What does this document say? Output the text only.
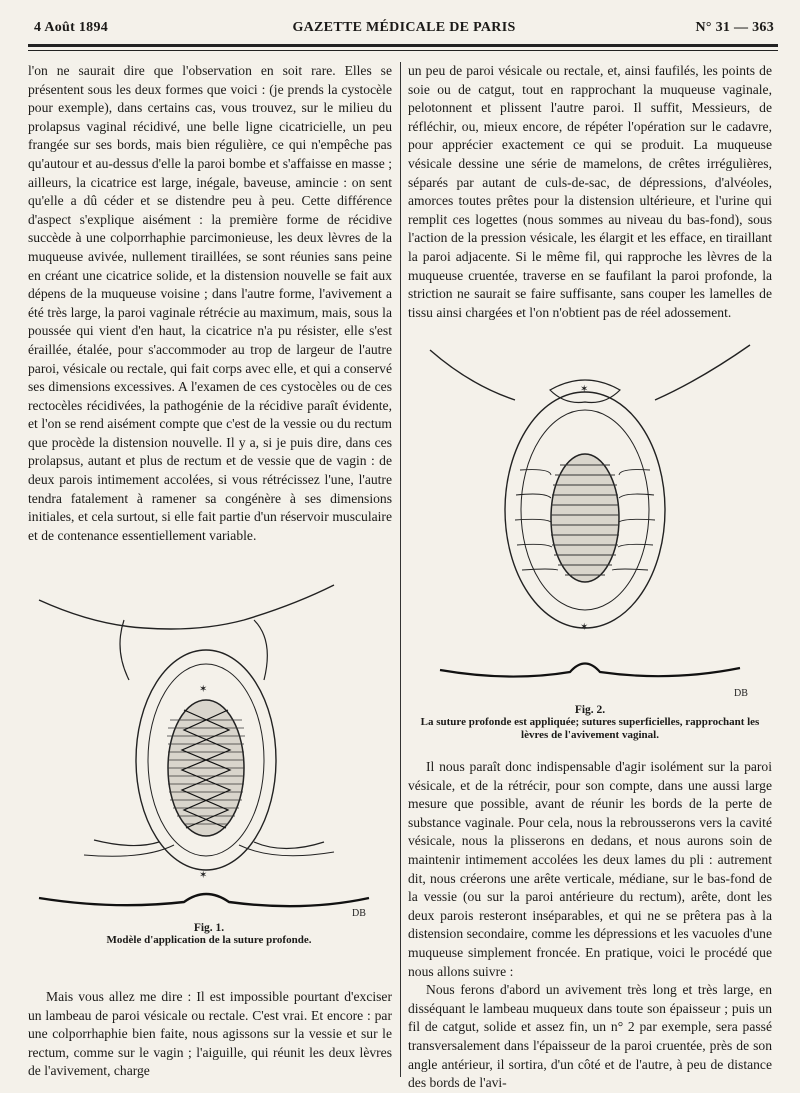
4 Août 1894	GAZETTE MÉDICALE DE PARIS	N° 31 — 363

l'on ne saurait dire que l'observation en soit rare. Elles se présentent sous les deux formes que voici : (je prends la cystocèle pour exemple), dans certains cas, vous trouvez, sur le milieu du prolapsus vaginal récidivé, une belle ligne cicatricielle, un peu frangée sur ses bords, mais bien régulière, ce qui n'empêche pas qu'autour et au-dessus d'elle la paroi bombe et s'affaisse en masse ; ailleurs, la cicatrice est large, inégale, baveuse, amincie : on sent qu'elle a dû céder et se distendre peu à peu. Cette différence d'aspect s'explique aisément : la première forme de récidive succède à une colporrhaphie parcimonieuse, les deux lèvres de la muqueuse avivée, nullement tiraillées, se sont réunies sans peine en créant une cicatrice solide, et la distension nouvelle se fait aux dépens de la muqueuse voisine ; dans l'autre forme, l'avivement a été très large, la paroi vaginale rétrécie au maximum, mais, sous la poussée qui vient d'en haut, la cicatrice n'a pu résister, elle s'est éraillée, étalée, pour s'accommoder au trop de largeur de l'autre paroi, vésicale ou rectale, qui fait corps avec elle, et qui a conservé ses dimensions excessives. A l'examen de ces cystocèles ou de ces rectocèles récidivées, la pathogénie de la récidive paraît évidente, et l'on se rend aisément compte que c'est de la vessie ou du rectum que procède la distension nouvelle. Il y a, si je puis dire, dans ces prolapsus, autant et plus de rectum et de vessie que de vagin : de deux parois intimement accolées, si vous rétrécissez l'une, l'autre tendra fatalement à ramener sa congénère à ses dimensions initiales, et cela surtout, si elle fait partie d'un réservoir musculaire et de contenance essentiellement variable.

✶
✶
DB
Fig. 1.
Modèle d'application de la suture profonde.

Mais vous allez me dire : Il est impossible pourtant d'exciser un lambeau de paroi vésicale ou rectale. C'est vrai. Et encore : par une colporrhaphie bien faite, nous agissons sur la vessie et sur le rectum, comme sur le vagin ; l'aiguille, qui réunit les deux lèvres de l'avivement, charge

un peu de paroi vésicale ou rectale, et, ainsi faufilés, les points de soie ou de catgut, tout en rapprochant la muqueuse vaginale, pelotonnent et plissent l'autre paroi. Il suffit, Messieurs, de réfléchir, ou, mieux encore, de répéter l'opération sur le cadavre, pour apprécier exactement ce qui se produit. La muqueuse vésicale dessine une série de mamelons, de crêtes irrégulières, séparés par autant de culs-de-sac, de dépressions, d'alvéoles, amorces toutes prêtes pour la distension ultérieure, et l'urine qui remplit ces logettes (nous sommes au niveau du bas-fond), sous l'action de la pression vésicale, les élargit et les efface, en tiraillant la paroi adjacente. Si le même fil, qui rapproche les lèvres de la muqueuse cruentée, traverse en se faufilant la paroi profonde, la striction ne saurait se faire suffisante, sans couper les lamelles de tissu ainsi chargées et l'on n'obtient pas de réel adossement.

✶
✶
DB
Fig. 2.
La suture profonde est appliquée; sutures superficielles, rapprochant les lèvres de l'avivement vaginal.

Il nous paraît donc indispensable d'agir isolément sur la paroi vésicale, et de la rétrécir, pour son compte, dans une aussi large mesure que possible, avant de réunir les bords de la perte de substance vaginale. Pour cela, nous la rebrousserons vers la cavité vésicale, nous la plisserons en dedans, et nous aurons soin de maintenir intimement accolées les deux lames du pli : autrement dit, nous créerons une arête verticale, médiane, sur le bas-fond de la vessie (ou sur la paroi antérieure du rectum), arête, dont les deux parois resteront inséparables, et qui ne se prêtera pas à la distension secondaire, comme les dépressions et les vacuoles d'une muqueuse simplement froncée. En pratique, voici le procédé que nous allons suivre :

Nous ferons d'abord un avivement très long et très large, en disséquant le lambeau muqueux dans toute son épaisseur ; puis un fil de catgut, solide et assez fin, un n° 2 par exemple, sera passé transversalement dans l'épaisseur de la paroi cruentée, près de son angle antérieur, il sortira, d'un côté et de l'autre, à peu de distance des bords de l'avi-
